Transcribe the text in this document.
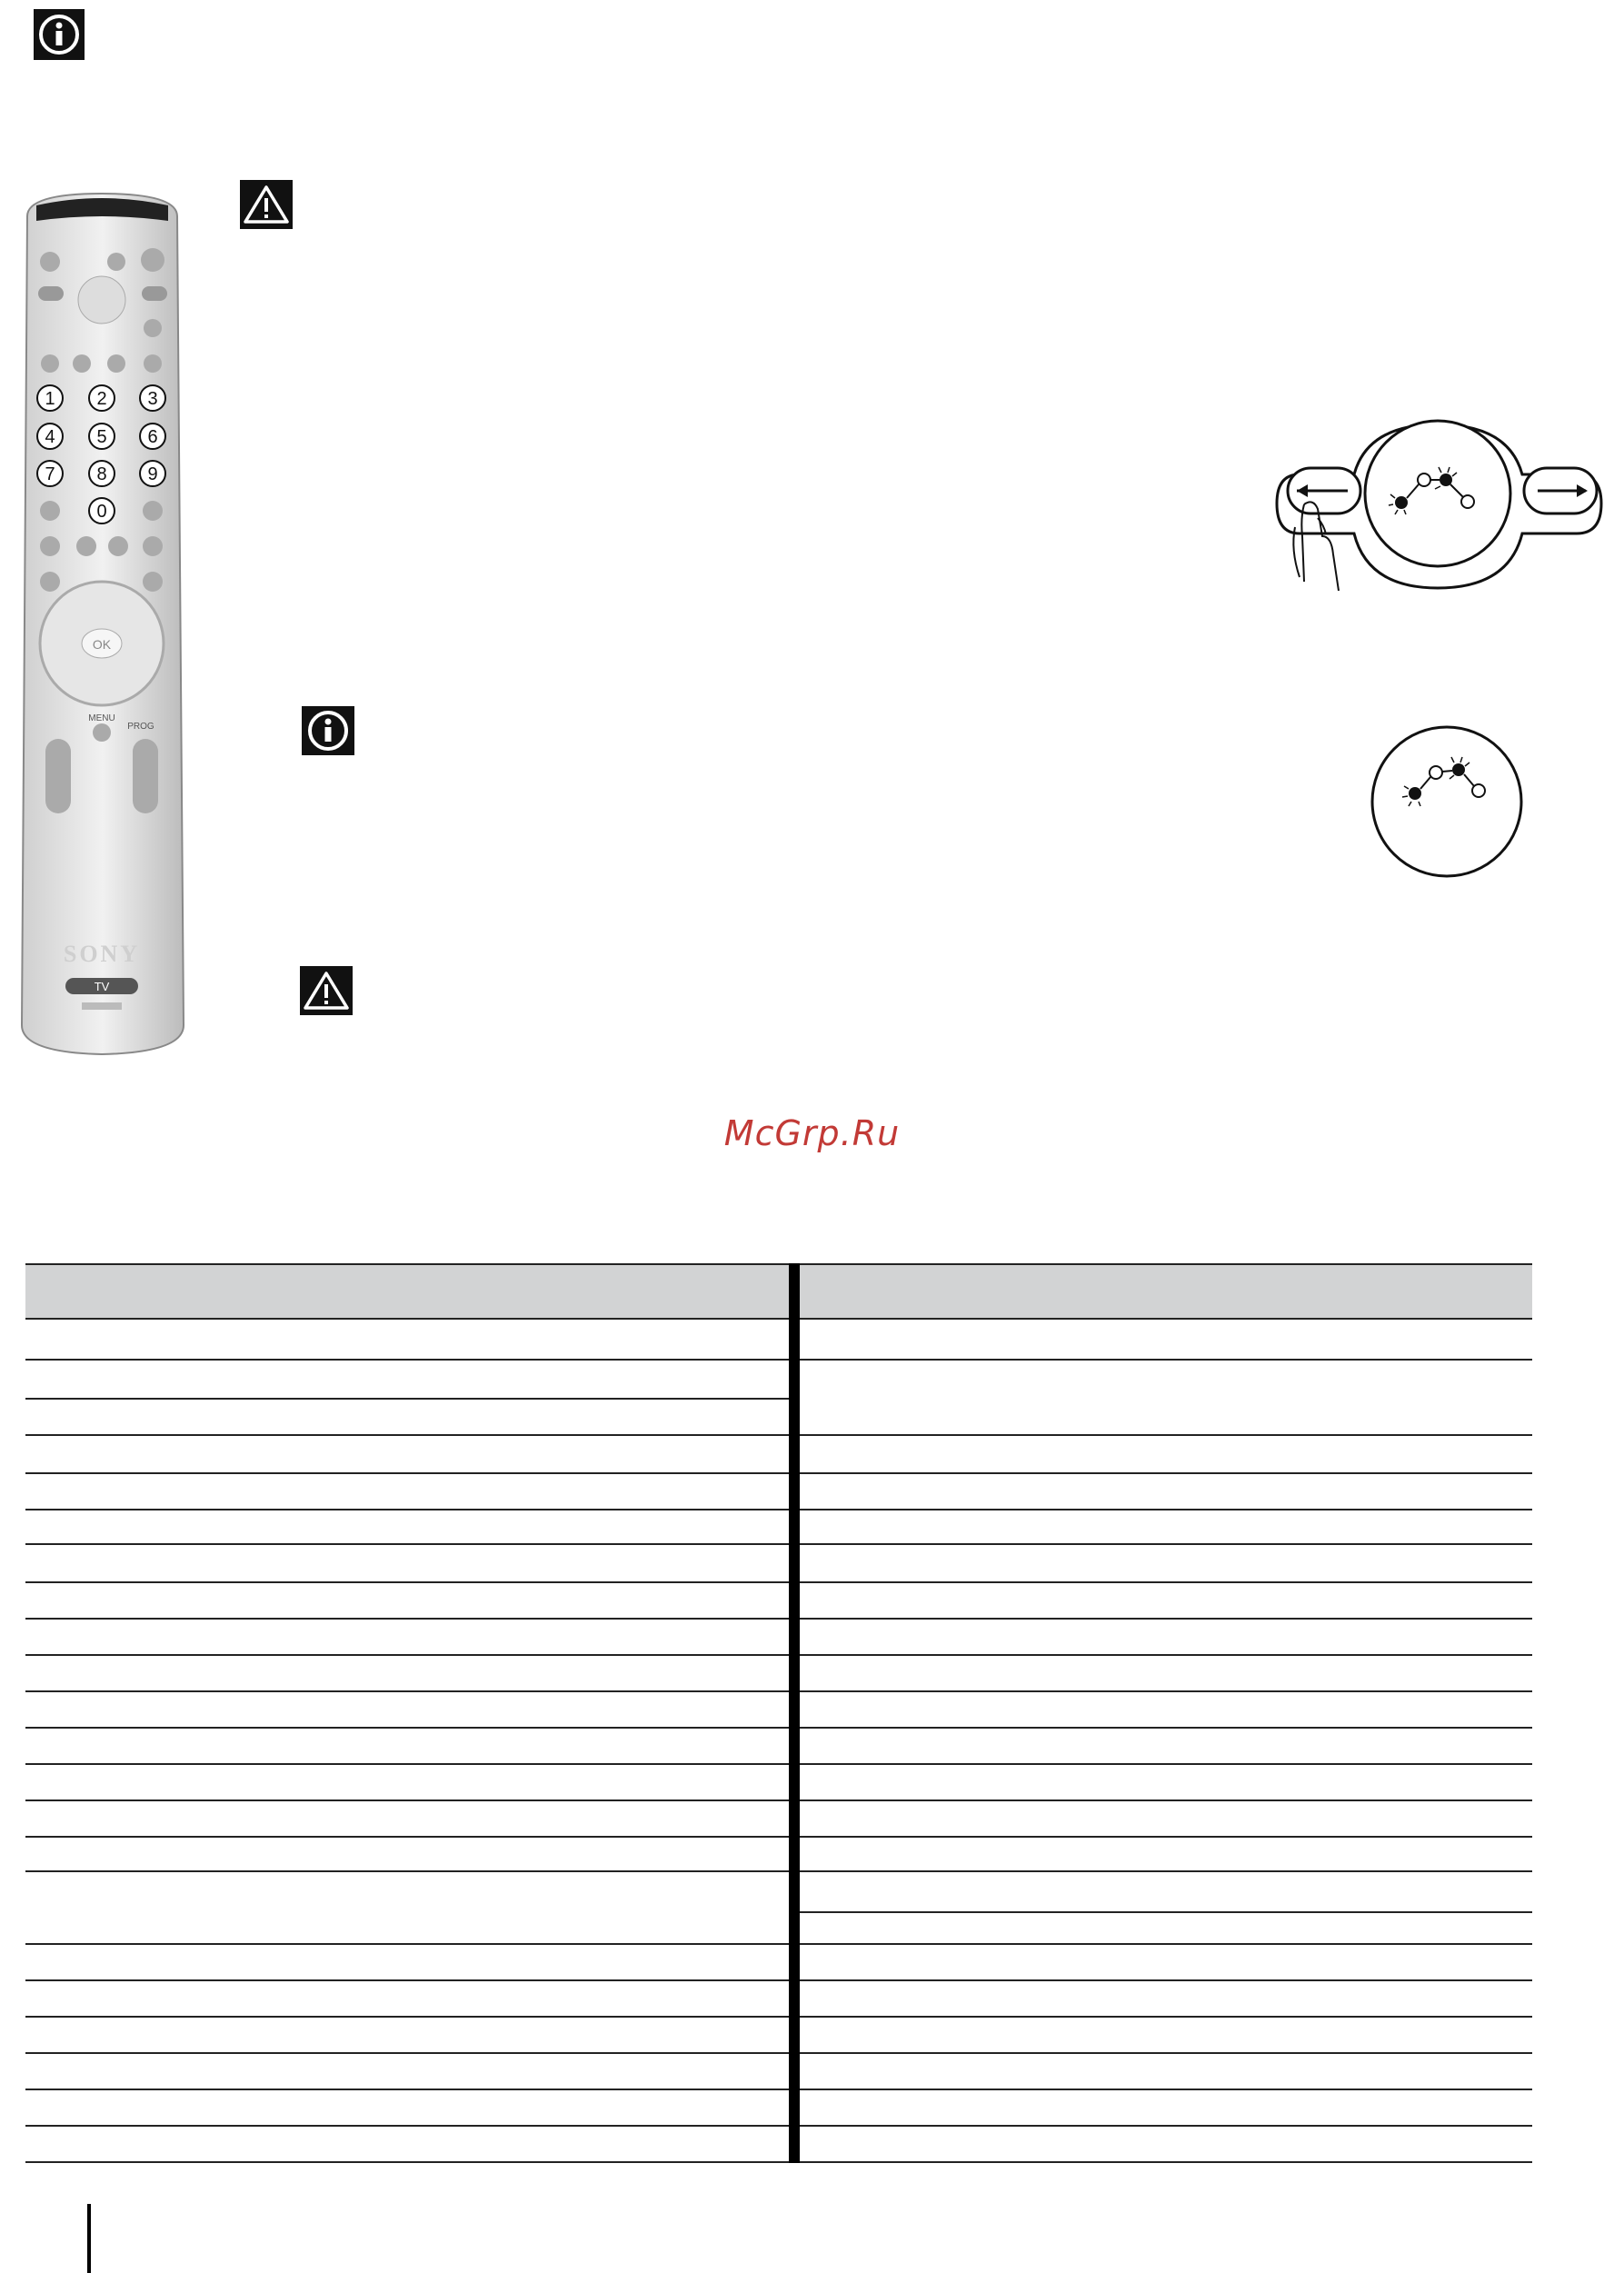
1 2 3
4 5 6
7 8 9
0
OK
MENU
PROG
SONY
TV
McGrp.Ru
